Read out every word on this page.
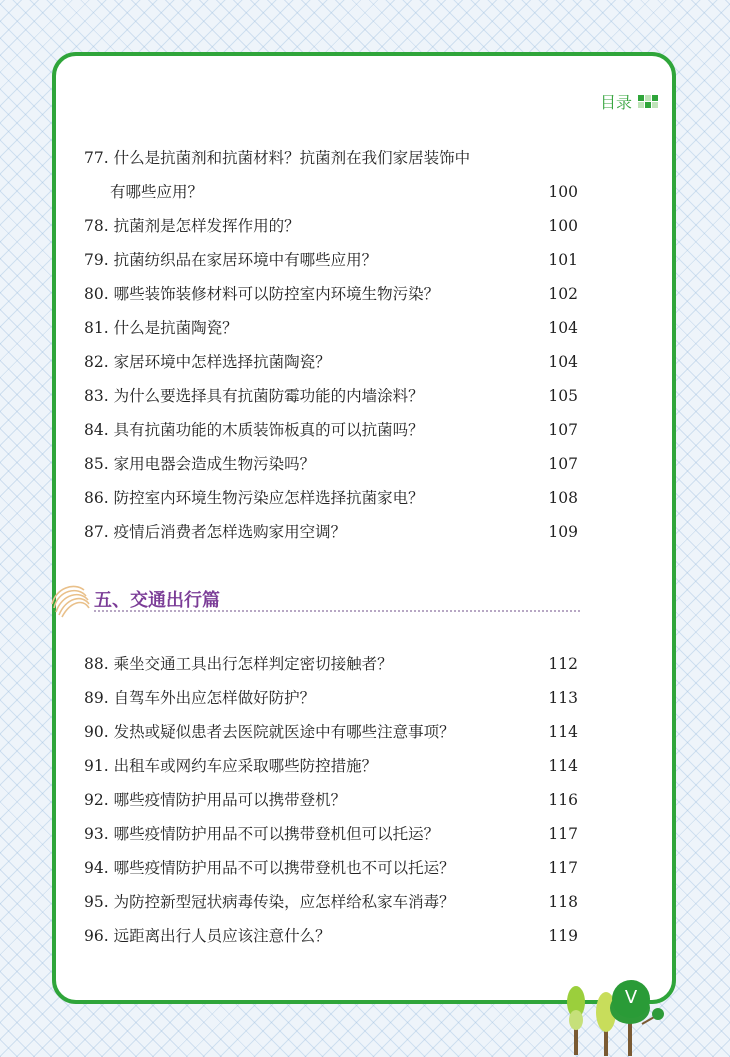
目录
77. 什么是抗菌剂和抗菌材料？抗菌剂在我们家居装饰中
有哪些应用？	100
78. 抗菌剂是怎样发挥作用的？	100
79. 抗菌纺织品在家居环境中有哪些应用？	101
80. 哪些装饰装修材料可以防控室内环境生物污染？	102
81. 什么是抗菌陶瓷？	104
82. 家居环境中怎样选择抗菌陶瓷？	104
83. 为什么要选择具有抗菌防霉功能的内墙涂料？	105
84. 具有抗菌功能的木质装饰板真的可以抗菌吗？	107
85. 家用电器会造成生物污染吗？	107
86. 防控室内环境生物污染应怎样选择抗菌家电？	108
87. 疫情后消费者怎样选购家用空调？	109
五、交通出行篇
88. 乘坐交通工具出行怎样判定密切接触者？	112
89. 自驾车外出应怎样做好防护？	113
90. 发热或疑似患者去医院就医途中有哪些注意事项？	114
91. 出租车或网约车应采取哪些防控措施？	114
92. 哪些疫情防护用品可以携带登机？	116
93. 哪些疫情防护用品不可以携带登机但可以托运？	117
94. 哪些疫情防护用品不可以携带登机也不可以托运？	117
95. 为防控新型冠状病毒传染，应怎样给私家车消毒？	118
96. 远距离出行人员应该注意什么？	119
V
